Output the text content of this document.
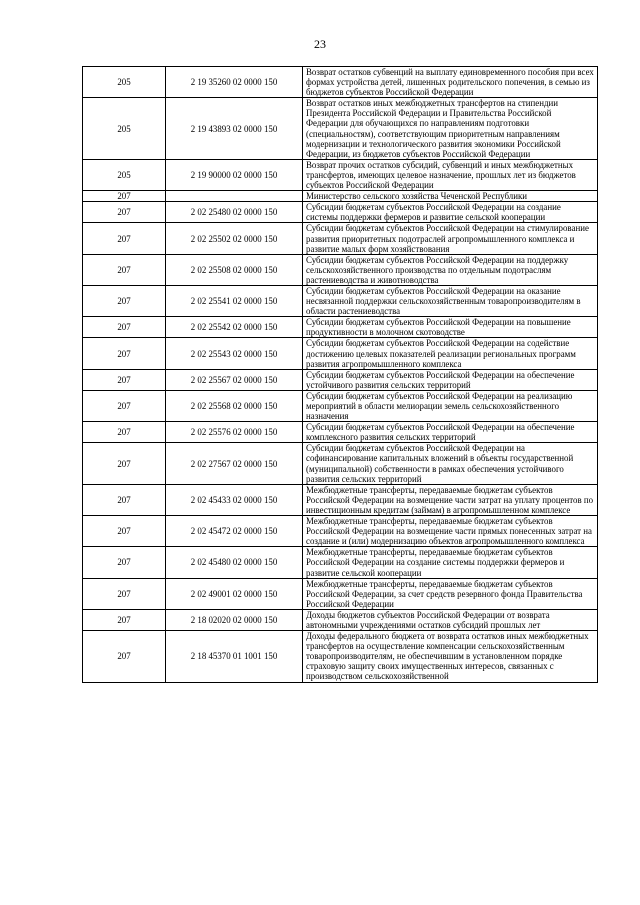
23
205	2 19 35260 02 0000 150	Возврат остатков субвенций на выплату единовременного пособия при всех формах устройства детей, лишенных родительского попечения, в семью из бюджетов субъектов Российской Федерации
205	2 19 43893 02 0000 150	Возврат остатков иных межбюджетных трансфертов на стипендии Президента Российской Федерации и Правительства Российской Федерации для обучающихся по направлениям подготовки (специальностям), соответствующим приоритетным направлениям модернизации и технологического развития экономики Российской Федерации, из бюджетов субъектов Российской Федерации
205	2 19 90000 02 0000 150	Возврат прочих остатков субсидий, субвенций и иных межбюджетных трансфертов, имеющих целевое назначение, прошлых лет из бюджетов субъектов Российской Федерации
207		Министерство сельского хозяйства Чеченской Республики
207	2 02 25480 02 0000 150	Субсидии бюджетам субъектов Российской Федерации на создание системы поддержки фермеров и развитие сельской кооперации
207	2 02 25502 02 0000 150	Субсидии бюджетам субъектов Российской Федерации на стимулирование развития приоритетных подотраслей агропромышленного комплекса и развитие малых форм хозяйствования
207	2 02 25508 02 0000 150	Субсидии бюджетам субъектов Российской Федерации на поддержку сельскохозяйственного производства по отдельным подотраслям растениеводства и животноводства
207	2 02 25541 02 0000 150	Субсидии бюджетам субъектов Российской Федерации на оказание несвязанной поддержки сельскохозяйственным товаропроизводителям в области растениеводства
207	2 02 25542 02 0000 150	Субсидии бюджетам субъектов Российской Федерации на повышение продуктивности в молочном скотоводстве
207	2 02 25543 02 0000 150	Субсидии бюджетам субъектов Российской Федерации на содействие достижению целевых показателей реализации региональных программ развития агропромышленного комплекса
207	2 02 25567 02 0000 150	Субсидии бюджетам субъектов Российской Федерации на обеспечение устойчивого развития сельских территорий
207	2 02 25568 02 0000 150	Субсидии бюджетам субъектов Российской Федерации на реализацию мероприятий в области мелиорации земель сельскохозяйственного назначения
207	2 02 25576 02 0000 150	Субсидии бюджетам субъектов Российской Федерации на обеспечение комплексного развития сельских территорий
207	2 02 27567 02 0000 150	Субсидии бюджетам субъектов Российской Федерации на софинансирование капитальных вложений в объекты государственной (муниципальной) собственности в рамках обеспечения устойчивого развития сельских территорий
207	2 02 45433 02 0000 150	Межбюджетные трансферты, передаваемые бюджетам субъектов Российской Федерации на возмещение части затрат на уплату процентов по инвестиционным кредитам (займам) в агропромышленном комплексе
207	2 02 45472 02 0000 150	Межбюджетные трансферты, передаваемые бюджетам субъектов Российской Федерации на возмещение части прямых понесенных затрат на создание и (или) модернизацию объектов агропромышленного комплекса
207	2 02 45480 02 0000 150	Межбюджетные трансферты, передаваемые бюджетам субъектов Российской Федерации на создание системы поддержки фермеров и развитие сельской кооперации
207	2 02 49001 02 0000 150	Межбюджетные трансферты, передаваемые бюджетам субъектов Российской Федерации, за счет средств резервного фонда Правительства Российской Федерации
207	2 18 02020 02 0000 150	Доходы бюджетов субъектов Российской Федерации от возврата автономными учреждениями остатков субсидий прошлых лет
207	2 18 45370 01 1001 150	Доходы федерального бюджета от возврата остатков иных межбюджетных трансфертов на осуществление компенсации сельскохозяйственным товаропроизводителям, не обеспечившим в установленном порядке страховую защиту своих имущественных интересов, связанных с производством сельскохозяйственной
